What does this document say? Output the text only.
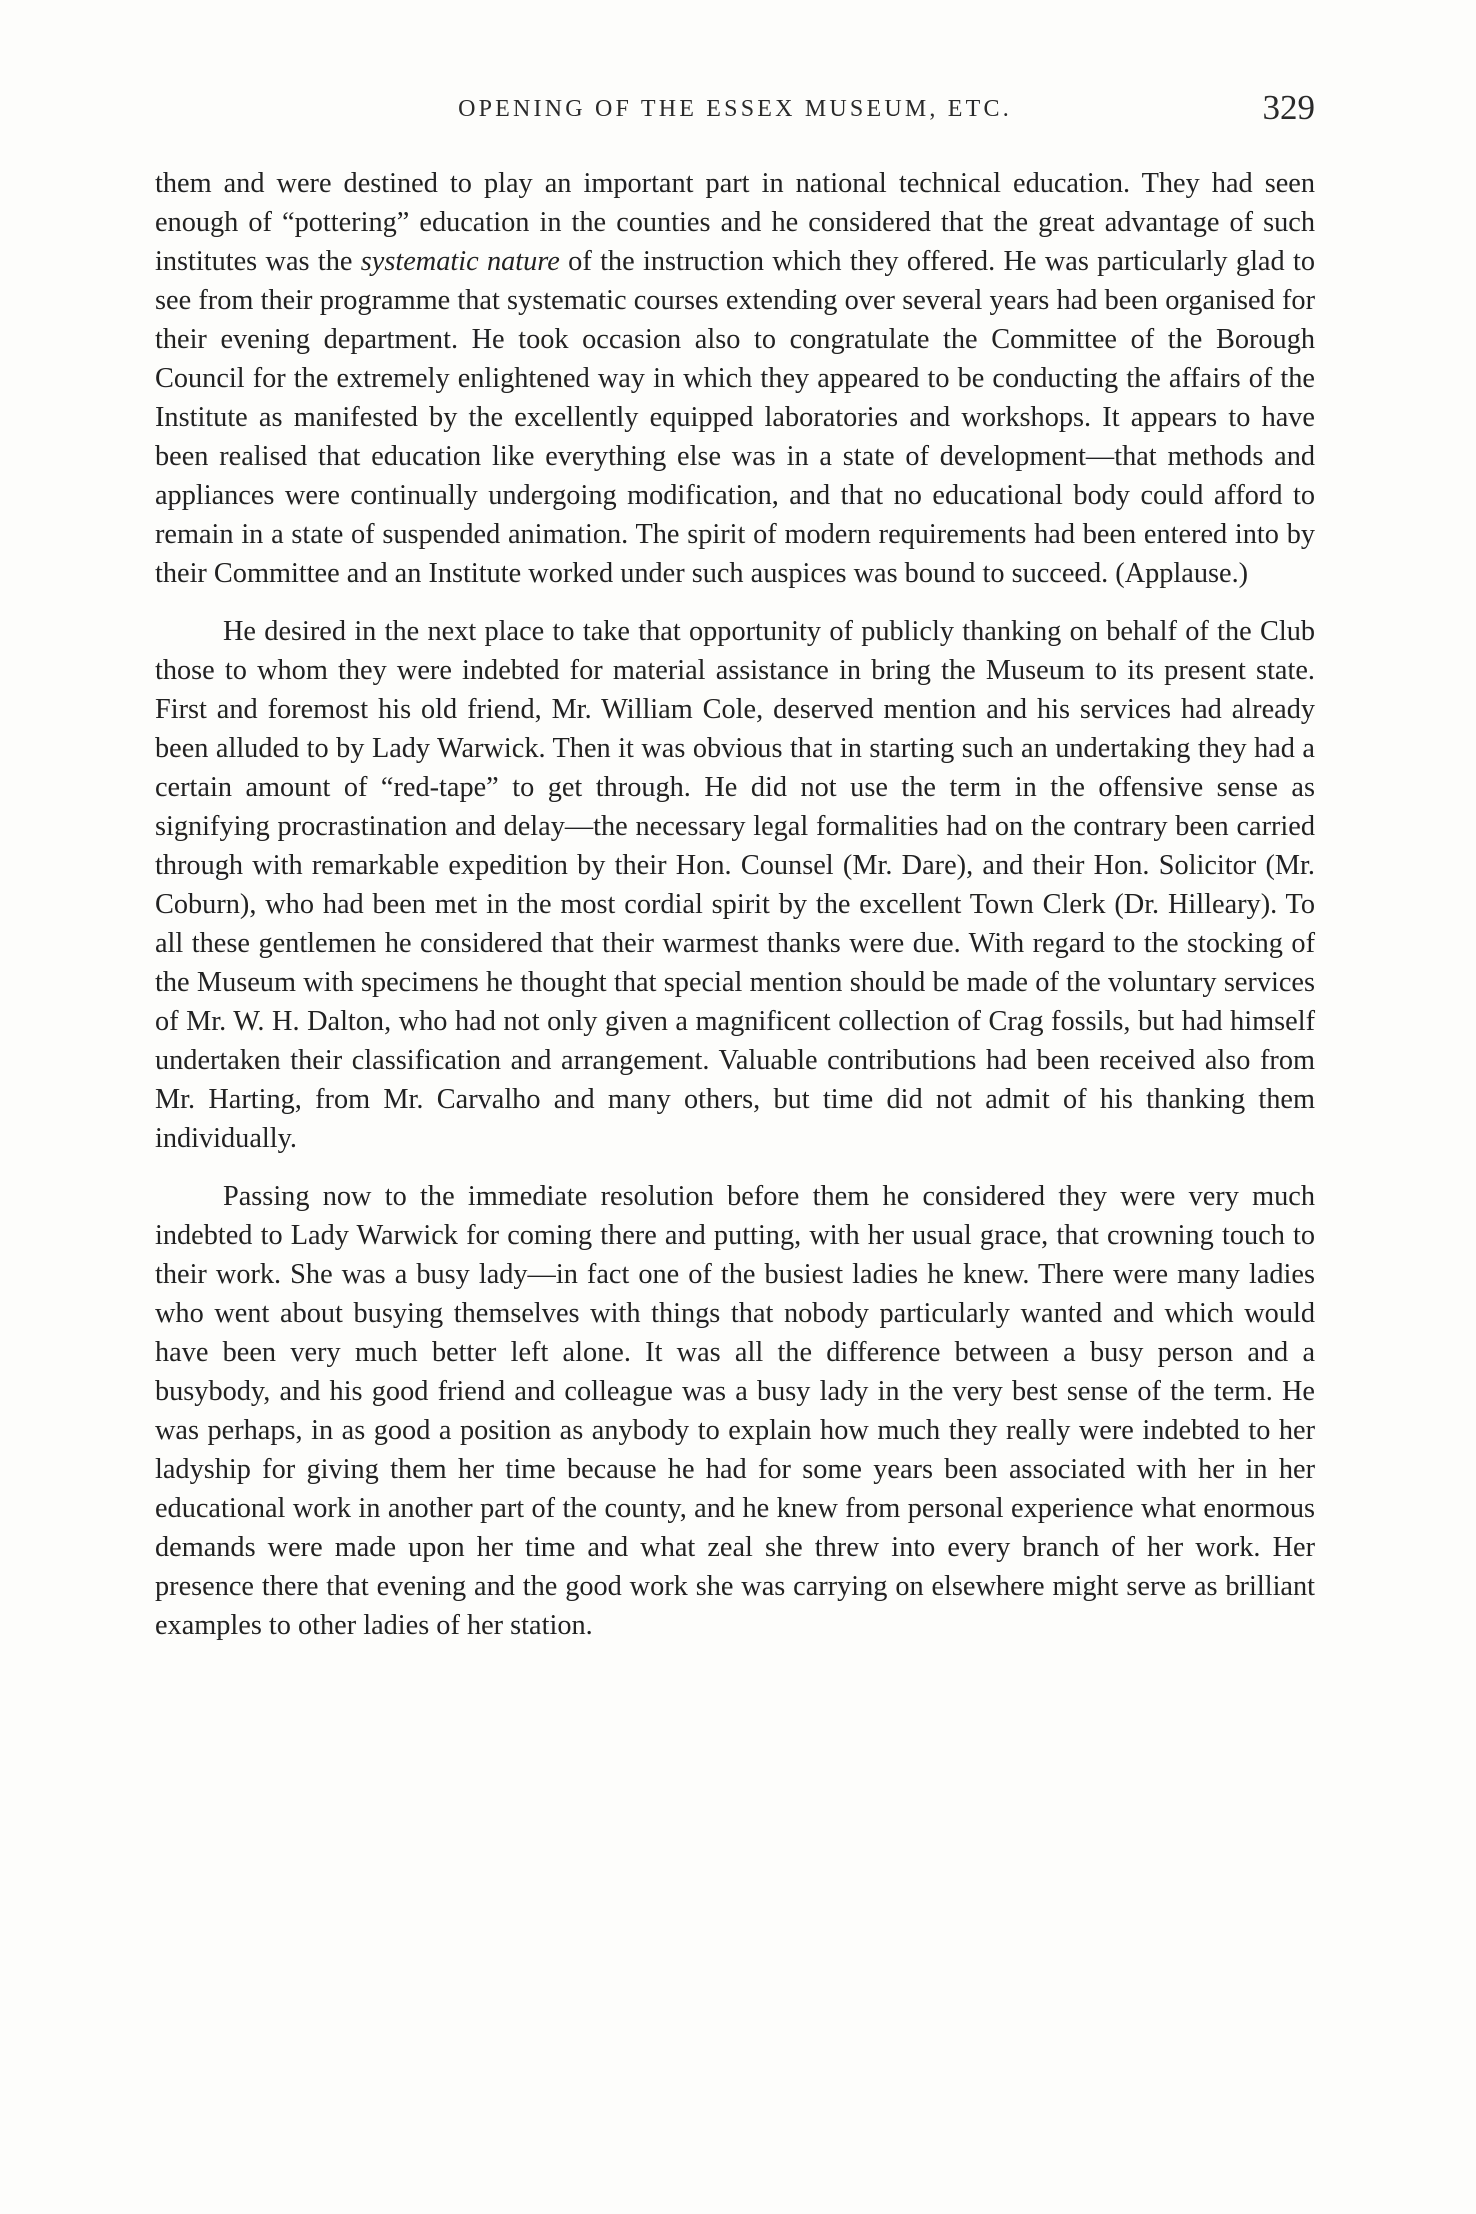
OPENING OF THE ESSEX MUSEUM, ETC.	329

them and were destined to play an important part in national technical education. They had seen enough of “pottering” education in the counties and he considered that the great advantage of such institutes was the systematic nature of the instruction which they offered. He was particularly glad to see from their programme that systematic courses extending over several years had been organised for their evening department. He took occasion also to congratulate the Committee of the Borough Council for the extremely enlightened way in which they appeared to be conducting the affairs of the Institute as manifested by the excellently equipped laboratories and workshops. It appears to have been realised that education like everything else was in a state of development—that methods and appliances were continually undergoing modification, and that no educational body could afford to remain in a state of suspended animation. The spirit of modern requirements had been entered into by their Committee and an Institute worked under such auspices was bound to succeed. (Applause.)

He desired in the next place to take that opportunity of publicly thanking on behalf of the Club those to whom they were indebted for material assistance in bring the Museum to its present state. First and foremost his old friend, Mr. William Cole, deserved mention and his services had already been alluded to by Lady Warwick. Then it was obvious that in starting such an undertaking they had a certain amount of “red-tape” to get through. He did not use the term in the offensive sense as signifying procrastination and delay—the necessary legal formalities had on the contrary been carried through with remarkable expedition by their Hon. Counsel (Mr. Dare), and their Hon. Solicitor (Mr. Coburn), who had been met in the most cordial spirit by the excellent Town Clerk (Dr. Hilleary). To all these gentlemen he considered that their warmest thanks were due. With regard to the stocking of the Museum with specimens he thought that special mention should be made of the voluntary services of Mr. W. H. Dalton, who had not only given a magnificent collection of Crag fossils, but had himself undertaken their classification and arrangement. Valuable contributions had been received also from Mr. Harting, from Mr. Carvalho and many others, but time did not admit of his thanking them individually.

Passing now to the immediate resolution before them he considered they were very much indebted to Lady Warwick for coming there and putting, with her usual grace, that crowning touch to their work. She was a busy lady—in fact one of the busiest ladies he knew. There were many ladies who went about busying themselves with things that nobody particularly wanted and which would have been very much better left alone. It was all the difference between a busy person and a busybody, and his good friend and colleague was a busy lady in the very best sense of the term. He was perhaps, in as good a position as anybody to explain how much they really were indebted to her ladyship for giving them her time because he had for some years been associated with her in her educational work in another part of the county, and he knew from personal experience what enormous demands were made upon her time and what zeal she threw into every branch of her work. Her presence there that evening and the good work she was carrying on elsewhere might serve as brilliant examples to other ladies of her station.
